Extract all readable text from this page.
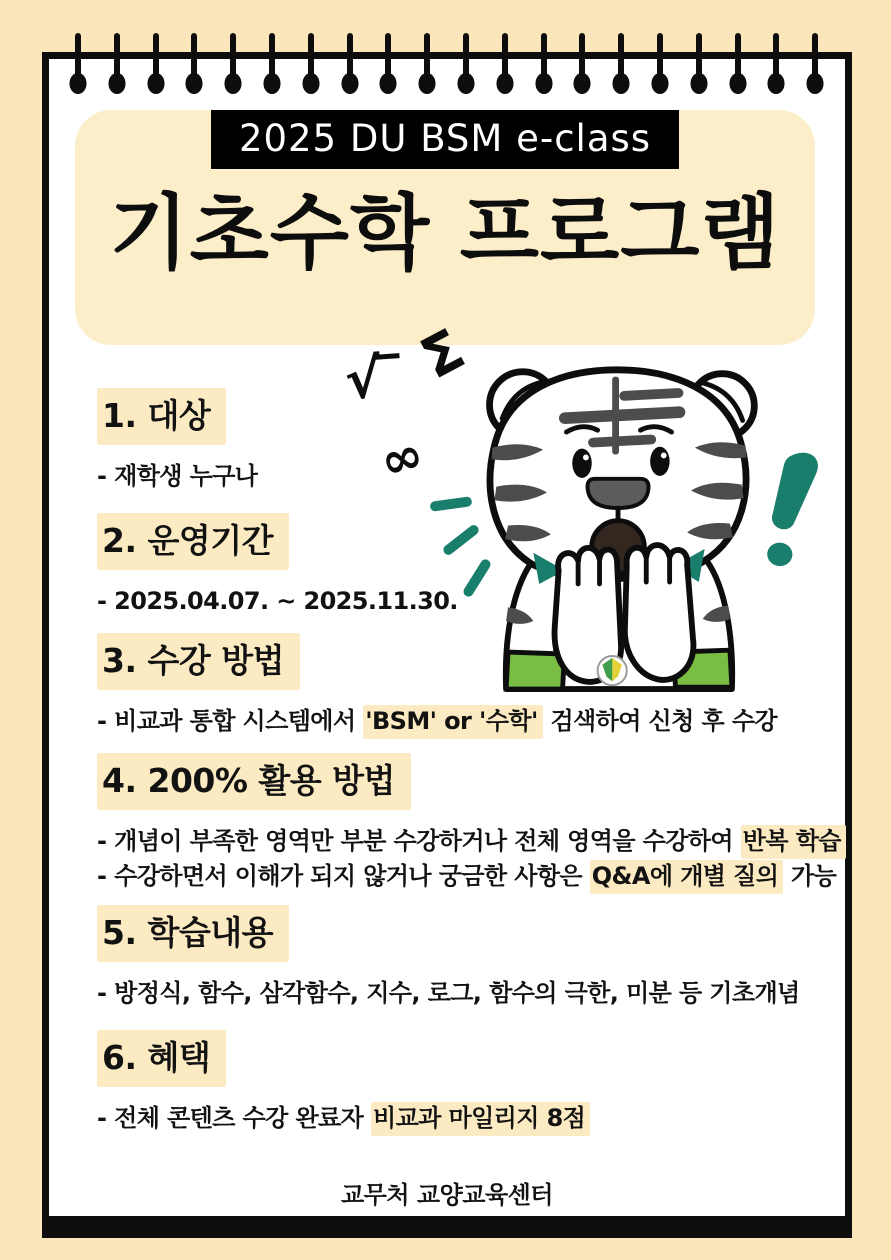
2025 DU BSM e-class
기초수학 프로그램
√ Σ
∞
1. 대상

- 재학생 누구나

2. 운영기간

- 2025.04.07. ~ 2025.11.30.

3. 수강 방법

- 비교과 통합 시스템에서 'BSM' or '수학' 검색하여 신청 후 수강

4. 200% 활용 방법

- 개념이 부족한 영역만 부분 수강하거나 전체 영역을 수강하여 반복 학습

- 수강하면서 이해가 되지 않거나 궁금한 사항은 Q&A에 개별 질의 가능

5. 학습내용

- 방정식, 함수, 삼각함수, 지수, 로그, 함수의 극한, 미분 등 기초개념

6. 혜택

- 전체 콘텐츠 수강 완료자 비교과 마일리지 8점

교무처 교양교육센터
